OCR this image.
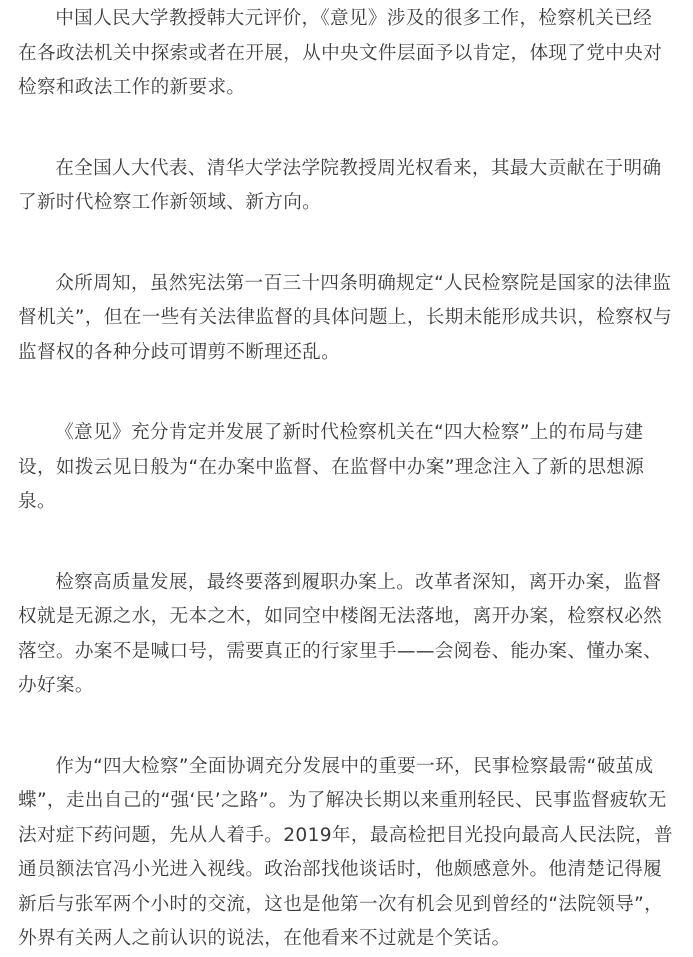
中国人民大学教授韩大元评价，《意见》涉及的很多工作，检察机关已经
在各政法机关中探索或者在开展，从中央文件层面予以肯定，体现了党中央对
检察和政法工作的新要求。

在全国人大代表、清华大学法学院教授周光权看来，其最大贡献在于明确
了新时代检察工作新领域、新方向。

众所周知，虽然宪法第一百三十四条明确规定“人民检察院是国家的法律监
督机关”，但在一些有关法律监督的具体问题上，长期未能形成共识，检察权与
监督权的各种分歧可谓剪不断理还乱。

《意见》充分肯定并发展了新时代检察机关在“四大检察”上的布局与建
设，如拨云见日般为“在办案中监督、在监督中办案”理念注入了新的思想源
泉。

检察高质量发展，最终要落到履职办案上。改革者深知，离开办案，监督
权就是无源之水，无本之木，如同空中楼阁无法落地，离开办案，检察权必然
落空。办案不是喊口号，需要真正的行家里手——会阅卷、能办案、懂办案、
办好案。

作为“四大检察”全面协调充分发展中的重要一环，民事检察最需“破茧成
蝶”，走出自己的“强‘民’之路”。为了解决长期以来重刑轻民、民事监督疲软无
法对症下药问题，先从人着手。2019年，最高检把目光投向最高人民法院，普
通员额法官冯小光进入视线。政治部找他谈话时，他颇感意外。他清楚记得履
新后与张军两个小时的交流，这也是他第一次有机会见到曾经的“法院领导”，
外界有关两人之前认识的说法，在他看来不过就是个笑话。
